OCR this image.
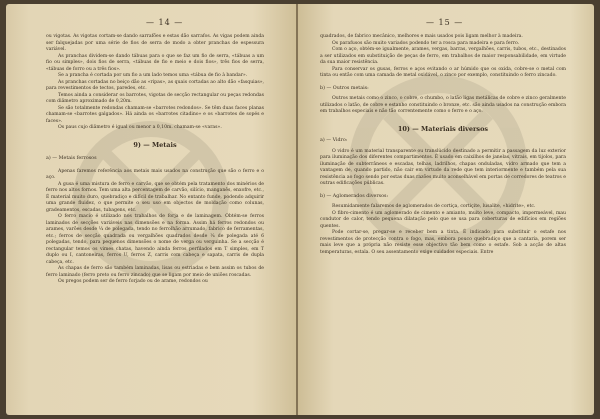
— 14 —

ou vigotas. As vigotas cortam-se dando sarrafões e estas dão sarrafos. As vigas podem ainda ser falquejadas por uma série de fios de serra de modo a obter pranchas de espessura variável.

As pranchas dividem-se dando tábuas para o que se faz um fio de serra, «tábuas a um fio ou simples», dois fios de serra, «tábuas de fio e meio e dois fios», três fios de serra, «tábuas de forro ou a três fios».

Se a prancha é cortada por um fio a um lado temos uma «tábua de fio à bandar».

As pranchas cortadas no beiço dão as «ripas», as quais cortadas ao alto dão «fasquias», para revestimentos de tectos, paredes, etc.

Temos ainda a considerar os barrotes, vigotas de secção rectangular ou peças redondas com diâmetro aproximado de 0,20m.

Se são totalmente redondas chamam-se «barrotes redondos». Se têm duas faces planas chamam-se «barrotes galgados». Há ainda os «barrotes citadino» e os «barrotes de sopés e faces».

Os paus cujo diâmetro é igual ou menor a 0,10m. chamam-se «varas».

9) — Metais

a) — Metais ferrosos

Apenas faremos referência aos metais mais usados na construção que são o ferro e o aço.

A gusa é uma mistura de ferro e carvão, que se obtém pela tratamento dos minérios de ferro nos altos fornos. Tem uma alta percentagem de carvão, silício, manganês, enxofre, etc., É material muito duro, quebradiço e difícil de trabalhar. No entanto funde, podendo adquirir uma grande fluidez, o que permite o seu uso em objectos de moldação como colunas, gradeamentos, escadas, tubagens, etc.

O ferro macio é utilizado nos trabalhos de forja e de laminagem. Obtém-se ferros laminados de secções variáveis nas dimensões e na forma. Assim há ferros redondos ou arames, varões desde ¼ de polegada, tendo no ferrolhão arrumado, fabrico de ferramentas, etc.; ferros de secção quadrada ou vergalhões quadrados desde ¼ de polegada até 6 polegadas, tendo, para pequenos dimensões o nome de verga ou verguinha. Se a secção é rectangular temos os vimes chatas, havendo ainda ferros perfilados em T simples, em T duplo ou I, cantoneiras, ferros U, ferros Z, carris com cabeça e sapata, carris de dupla cabeça, etc.

As chapas de ferro são também laminadas, lisas ou estriadas e bem assim os tubos de ferro laminado (ferro preto ou ferro zincado) que se ligam por meio de uniões roscadas.

Os pregos podem ser de ferro forjado ou de arame, redondos ou

— 15 —

quadrados, de fabrico mecânico, melhores e mais usados pois ligam melhor à madeira.

Os parafusos são muito variados podendo ter a rosca para madeira e para ferro.

Com o aço, obtém-se igualmente, arames, vergas, barras, vergalhões, carris, tubos, etc., destinados a ser utilizados em substituição de peças de ferro, em trabalhos de maior responsabilidade, em virtude da sua maior resistência.

Para conservar os gusas, ferros e aços evitando o ar húmido que os oxida, cobre-se o metal com tinta ou então com uma camada de metal oxidável, o zinco por exemplo, constituindo o ferro zincado.

b) — Outros metais:

Outros metais como o zinco, o cobre, o chumbo, o latão ligas metálicas de cobre e zinco geralmente utilizados o latão, de cobre e estanho constituindo o bronze, etc. são ainda usados na construção embora em trabalhos especiais e não tão correntemente como o ferro e o aço.

10) — Materiais diversos

a) — Vidro:

O vidro é um material transparente ou translúcido destinado a permitir a passagem da luz exterior para iluminação dos diferentes compartimentos. É usado em caixilhos de janelas, vitrais, em tijolos, para iluminação de subterrâneos e escadas, telhas, ladrilhos, chapas onduladas, vidro armado que tem a vantagem de, quando partido, não cair em virtude da rede que tem interiormente e também pela sua resistência ao fogo sendo por estas duas razões muito aconselhável em portas de corredores de teatros e outras edificações públicas.

b) — Aglomerados diversos:

Resumidamente falaremos de aglomerados de cortiça, cortiçite, lusalite, «hidrite», etc.

O fibro-cimento é um aglomerado de cimento e amianto, muito leve, compacto, impermeável, mau condutor de calor, tendo pequena dilatação pelo que se usa para coberturas de edifícios em regiões quentes.

Pode cortar-se, pregar-se e receber bem a tinta. É indicado para substituir o estafe nos revestimentos de protecção contra o fogo, mas, embora pouco quebradiço que a cantaria, porem ser mais leve que a própria não resiste esse objectivo tão bem como o estafe. Sob a acção de altas temperaturas, estala. O seu assentamento exige cuidados especiais. Entre
